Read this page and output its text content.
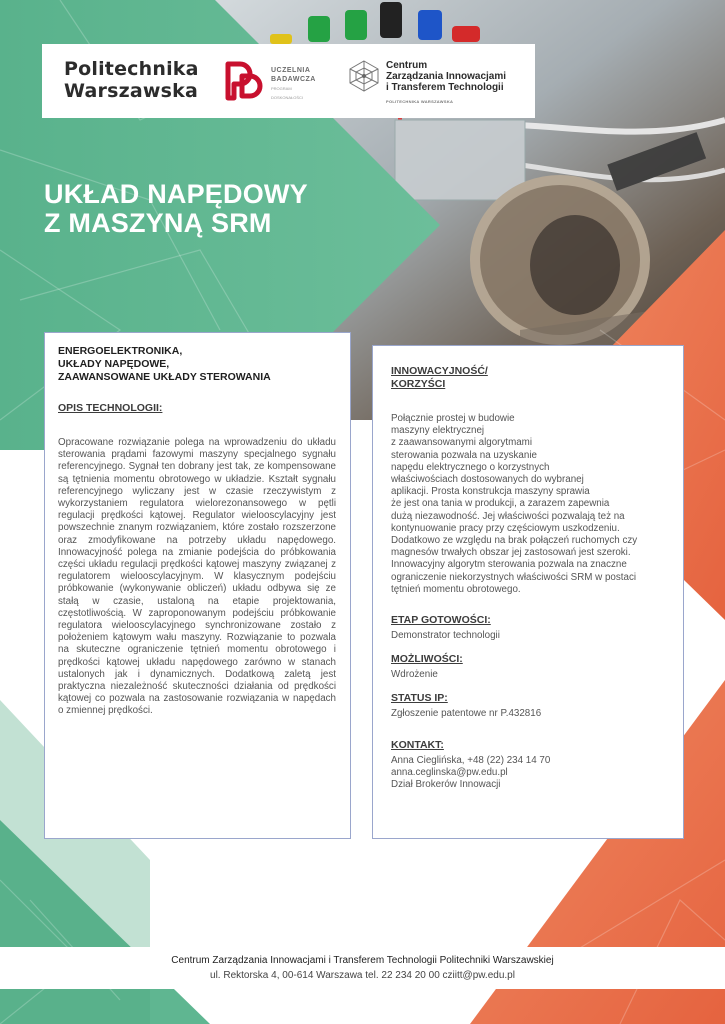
Politechnika
Warszawska
UCZELNIA
BADAWCZA
PROGRAM DOSKONAŁOŚCI
Centrum
Zarządzania Innowacjami
i Transferem Technologii
POLITECHNIKA WARSZAWSKA
UKŁAD NAPĘDOWY
Z MASZYNĄ SRM
ENERGOELEKTRONIKA,
UKŁADY NAPĘDOWE,
ZAAWANSOWANE UKŁADY STEROWANIA
OPIS TECHNOLOGII:
Opracowane rozwiązanie polega na wprowadzeniu do układu sterowania prądami fazowymi maszyny specjalnego sygnału referencyjnego. Sygnał ten dobrany jest tak, ze kompensowane są tętnienia momentu obrotowego w układzie. Kształt sygnału referencyjnego wyliczany jest w czasie rzeczywistym z wykorzystaniem regulatora wielorezonansowego w pętli regulacji prędkości kątowej. Regulator wielooscylacyjny jest powszechnie znanym rozwiązaniem, które zostało rozszerzone oraz zmodyfikowane na potrzeby układu napędowego. Innowacyjność polega na zmianie podejścia do próbkowania części układu regulacji prędkości kątowej maszyny związanej z regulatorem wielooscylacyjnym. W klasycznym podejściu próbkowanie (wykonywanie obliczeń) układu odbywa się ze stałą w czasie, ustaloną na etapie projektowania, częstotliwością. W zaproponowanym podejściu próbkowanie regulatora wielooscylacyjnego synchronizowane zostało z położeniem kątowym wału maszyny. Rozwiązanie to pozwala na skuteczne ograniczenie tętnień momentu obrotowego i prędkości kątowej układu napędowego zarówno w stanach ustalonych jak i dynamicznych. Dodatkową zaletą jest praktyczna niezależność skuteczności działania od prędkości kątowej co pozwala na zastosowanie rozwiązania w napędach o zmiennej prędkości.
INNOWACYJNOŚĆ/
KORZYŚCI
Połącznie prostej w budowie
maszyny elektrycznej
z zaawansowanymi algorytmami
sterowania pozwala na uzyskanie
napędu elektrycznego o korzystnych
właściwościach dostosowanych do wybranej
aplikacji. Prosta konstrukcja maszyny sprawia
że jest ona tania w produkcji, a zarazem zapewnia
dużą niezawodność. Jej właściwości pozwalają też na
kontynuowanie pracy przy częściowym uszkodzeniu.
Dodatkowo ze względu na brak połączeń ruchomych czy
magnesów trwałych obszar jej zastosowań jest szeroki.
Innowacyjny algorytm sterowania pozwala na znaczne
ograniczenie niekorzystnych właściwości SRM w postaci
tętnień momentu obrotowego.
ETAP GOTOWOŚCI:
Demonstrator technologii
MOŻLIWOŚCI:
Wdrożenie
STATUS IP:
Zgłoszenie patentowe nr P.432816
KONTAKT:
Anna Cieglińska, +48 (22) 234 14 70
anna.ceglinska@pw.edu.pl
Dział Brokerów Innowacji
Centrum Zarządzania Innowacjami i Transferem Technologii Politechniki Warszawskiej
ul. Rektorska 4, 00-614 Warszawa tel. 22 234 20 00 cziitt@pw.edu.pl
